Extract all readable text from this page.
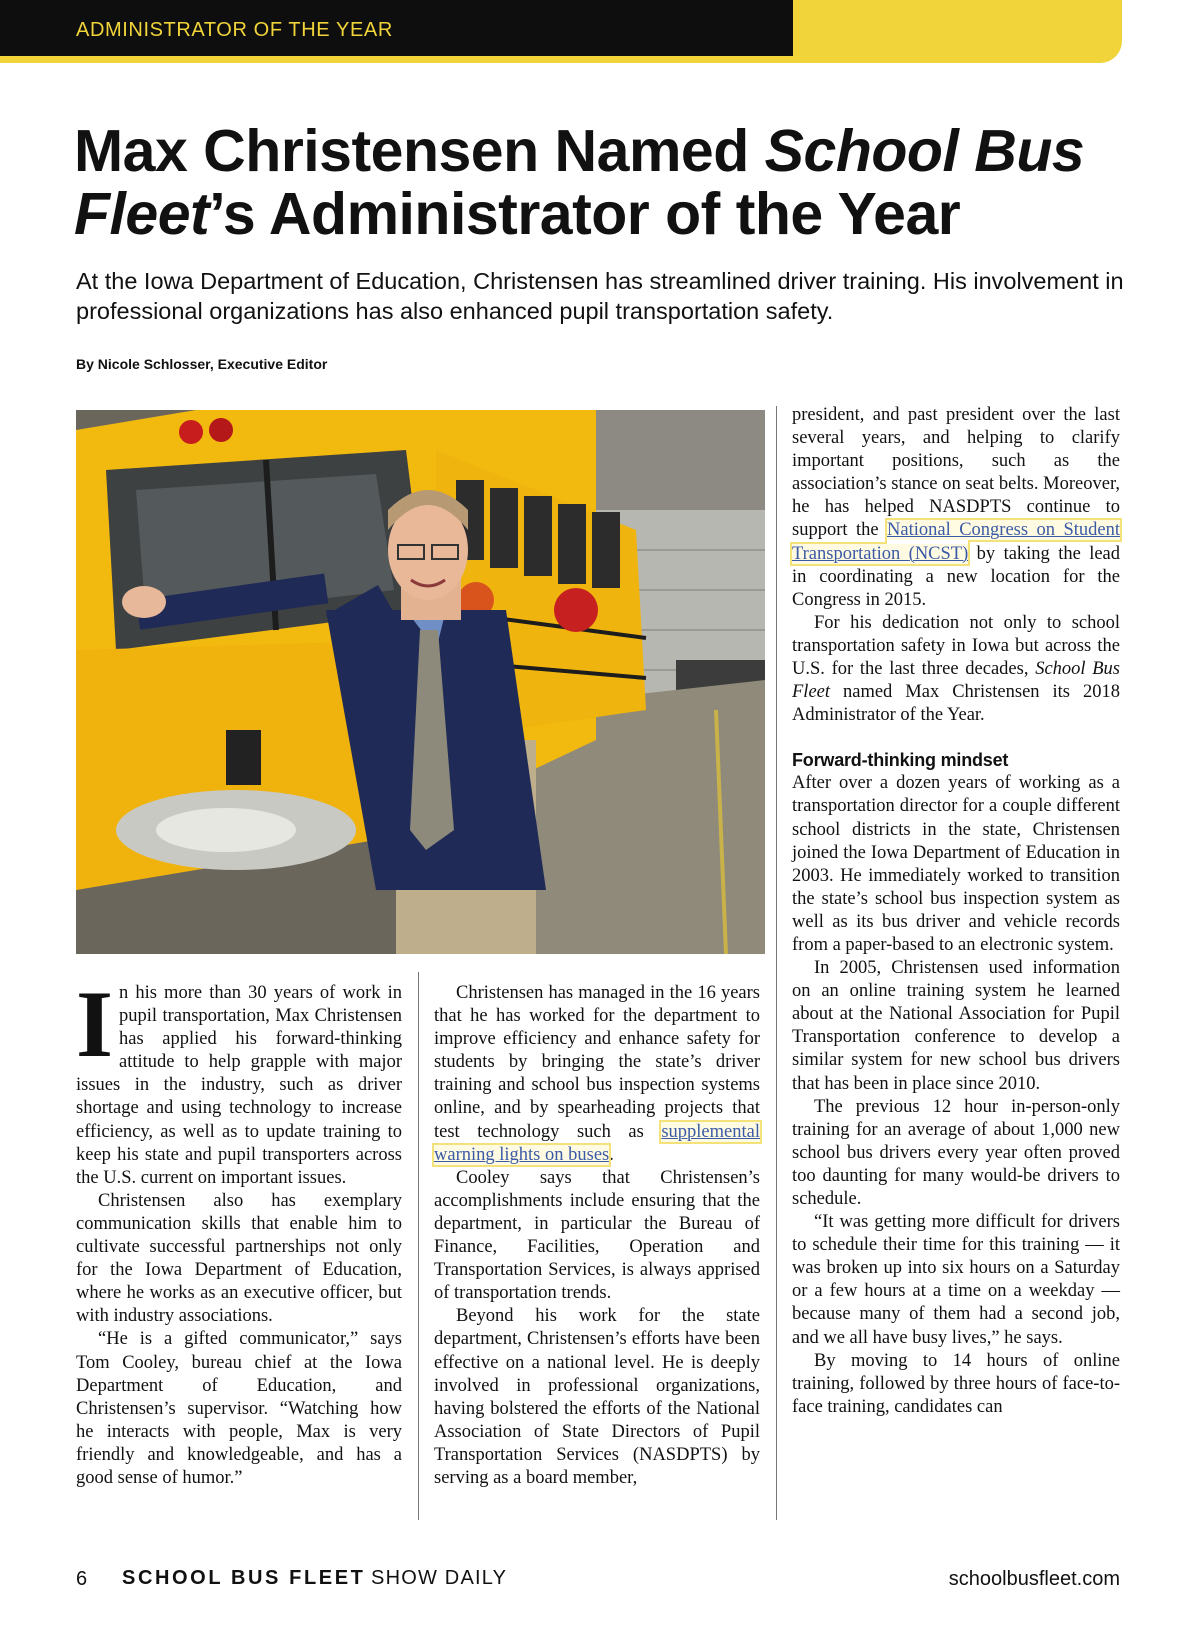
ADMINISTRATOR OF THE YEAR
Max Christensen Named School Bus Fleet’s Administrator of the Year

At the Iowa Department of Education, Christensen has streamlined driver training. His involvement in professional organizations has also enhanced pupil transportation safety.

By Nicole Schlosser, Executive Editor

In his more than 30 years of work in pupil transportation, Max Christensen has applied his forward-thinking attitude to help grapple with major issues in the industry, such as driver shortage and using technology to increase efficiency, as well as to update training to keep his state and pupil transporters across the U.S. current on important issues.

Christensen also has exemplary communication skills that enable him to cultivate successful partnerships not only for the Iowa Department of Education, where he works as an executive officer, but with industry associations.

“He is a gifted communicator,” says Tom Cooley, bureau chief at the Iowa Department of Education, and Christensen’s supervisor. “Watching how he interacts with people, Max is very friendly and knowledgeable, and has a good sense of humor.”

Christensen has managed in the 16 years that he has worked for the department to improve efficiency and enhance safety for students by bringing the state’s driver training and school bus inspection systems online, and by spearheading projects that test technology such as supplemental warning lights on buses.

Cooley says that Christensen’s accomplishments include ensuring that the department, in particular the Bureau of Finance, Facilities, Operation and Transportation Services, is always apprised of transportation trends.

Beyond his work for the state department, Christensen’s efforts have been effective on a national level. He is deeply involved in professional organizations, having bolstered the efforts of the National Association of State Directors of Pupil Transportation Services (NASDPTS) by serving as a board member,

president, and past president over the last several years, and helping to clarify important positions, such as the association’s stance on seat belts. Moreover, he has helped NASDPTS continue to support the National Congress on Student Transportation (NCST) by taking the lead in coordinating a new location for the Congress in 2015.

For his dedication not only to school transportation safety in Iowa but across the U.S. for the last three decades, School Bus Fleet named Max Christensen its 2018 Administrator of the Year.

Forward-thinking mindset

After over a dozen years of working as a transportation director for a couple different school districts in the state, Christensen joined the Iowa Department of Education in 2003. He immediately worked to transition the state’s school bus inspection system as well as its bus driver and vehicle records from a paper-based to an electronic system.

In 2005, Christensen used information on an online training system he learned about at the National Association for Pupil Transportation conference to develop a similar system for new school bus drivers that has been in place since 2010.

The previous 12 hour in-person-only training for an average of about 1,000 new school bus drivers every year often proved too daunting for many would-be drivers to schedule.

“It was getting more difficult for drivers to schedule their time for this training — it was broken up into six hours on a Saturday or a few hours at a time on a weekday — because many of them had a second job, and we all have busy lives,” he says.

By moving to 14 hours of online training, followed by three hours of face-to-face training, candidates can

6 SCHOOL BUS FLEET SHOW DAILY	schoolbusfleet.com
